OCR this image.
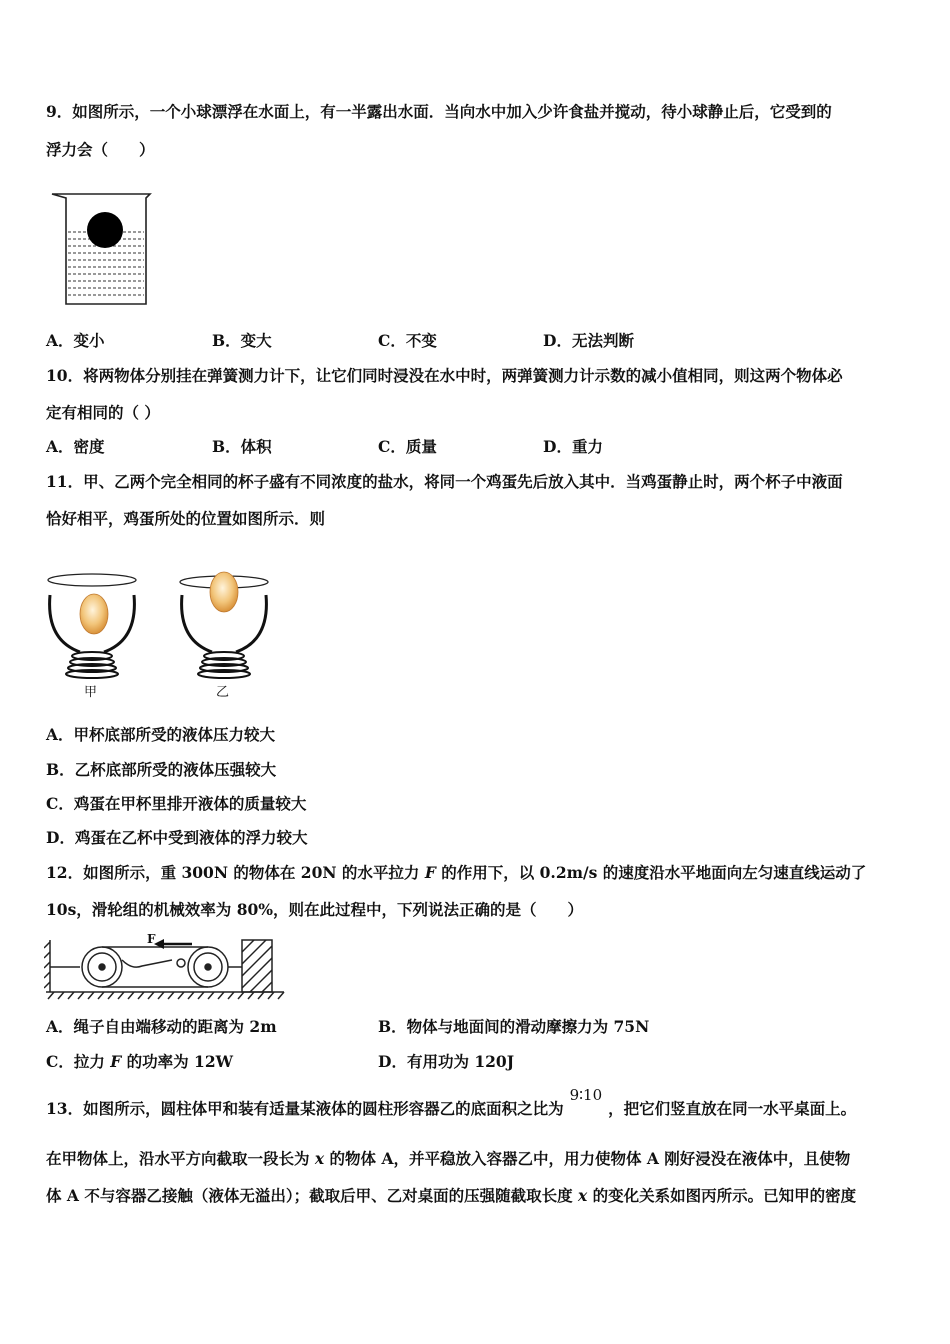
9．如图所示，一个小球漂浮在水面上，有一半露出水面．当向水中加入少许食盐并搅动，待小球静止后，它受到的
浮力会（　　）
A．变小	B．变大	C．不变	D．无法判断
10．将两物体分别挂在弹簧测力计下，让它们同时浸没在水中时，两弹簧测力计示数的减小值相同，则这两个物体必
定有相同的（ ）
A．密度	B．体积	C．质量	D．重力
11．甲、乙两个完全相同的杯子盛有不同浓度的盐水，将同一个鸡蛋先后放入其中．当鸡蛋静止时，两个杯子中液面
恰好相平，鸡蛋所处的位置如图所示．则
甲	乙
A．甲杯底部所受的液体压力较大
B．乙杯底部所受的液体压强较大
C．鸡蛋在甲杯里排开液体的质量较大
D．鸡蛋在乙杯中受到液体的浮力较大
12．如图所示，重 300N 的物体在 20N 的水平拉力 F 的作用下，以 0.2m/s 的速度沿水平地面向左匀速直线运动了
10s，滑轮组的机械效率为 80%，则在此过程中，下列说法正确的是（　　）
F
A．绳子自由端移动的距离为 2m	B．物体与地面间的滑动摩擦力为 75N
C．拉力 F 的功率为 12W	D．有用功为 120J
13．如图所示，圆柱体甲和装有适量某液体的圆柱形容器乙的底面积之比为9∶10，把它们竖直放在同一水平桌面上。
在甲物体上，沿水平方向截取一段长为 x 的物体 A，并平稳放入容器乙中，用力使物体 A 刚好浸没在液体中，且使物
体 A 不与容器乙接触（液体无溢出）；截取后甲、乙对桌面的压强随截取长度 x 的变化关系如图丙所示。已知甲的密度
